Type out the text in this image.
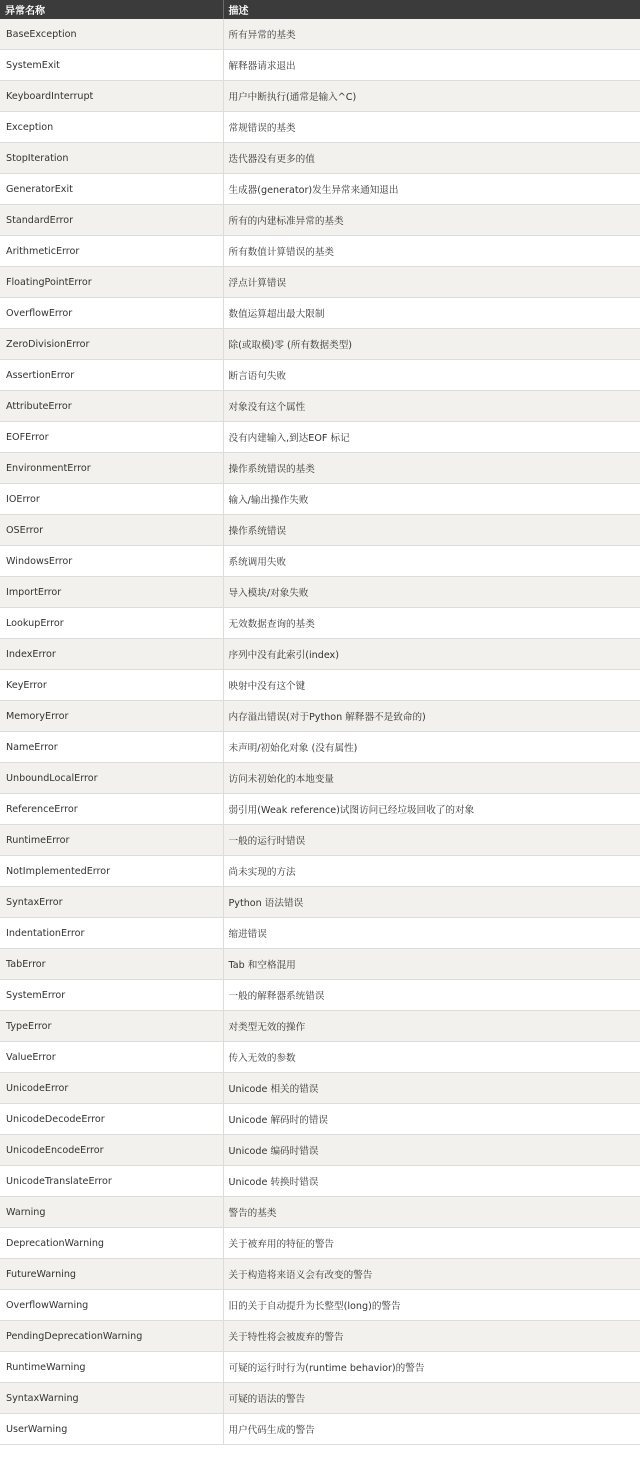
异常名称	描述
BaseException	所有异常的基类
SystemExit	解释器请求退出
KeyboardInterrupt	用户中断执行(通常是输入^C)
Exception	常规错误的基类
StopIteration	迭代器没有更多的值
GeneratorExit	生成器(generator)发生异常来通知退出
StandardError	所有的内建标准异常的基类
ArithmeticError	所有数值计算错误的基类
FloatingPointError	浮点计算错误
OverflowError	数值运算超出最大限制
ZeroDivisionError	除(或取模)零 (所有数据类型)
AssertionError	断言语句失败
AttributeError	对象没有这个属性
EOFError	没有内建输入,到达EOF 标记
EnvironmentError	操作系统错误的基类
IOError	输入/输出操作失败
OSError	操作系统错误
WindowsError	系统调用失败
ImportError	导入模块/对象失败
LookupError	无效数据查询的基类
IndexError	序列中没有此索引(index)
KeyError	映射中没有这个键
MemoryError	内存溢出错误(对于Python 解释器不是致命的)
NameError	未声明/初始化对象 (没有属性)
UnboundLocalError	访问未初始化的本地变量
ReferenceError	弱引用(Weak reference)试图访问已经垃圾回收了的对象
RuntimeError	一般的运行时错误
NotImplementedError	尚未实现的方法
SyntaxError	Python 语法错误
IndentationError	缩进错误
TabError	Tab 和空格混用
SystemError	一般的解释器系统错误
TypeError	对类型无效的操作
ValueError	传入无效的参数
UnicodeError	Unicode 相关的错误
UnicodeDecodeError	Unicode 解码时的错误
UnicodeEncodeError	Unicode 编码时错误
UnicodeTranslateError	Unicode 转换时错误
Warning	警告的基类
DeprecationWarning	关于被弃用的特征的警告
FutureWarning	关于构造将来语义会有改变的警告
OverflowWarning	旧的关于自动提升为长整型(long)的警告
PendingDeprecationWarning	关于特性将会被废弃的警告
RuntimeWarning	可疑的运行时行为(runtime behavior)的警告
SyntaxWarning	可疑的语法的警告
UserWarning	用户代码生成的警告
